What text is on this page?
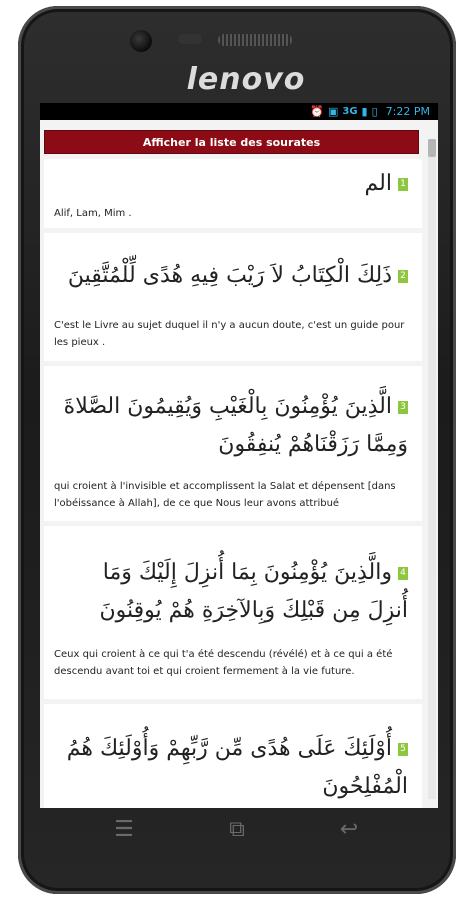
lenovo
⏰ ▣ 3G ▮ ▯ 7:22 PM
Afficher la liste des sourates
1الم
Alif, Lam, Mim .
2ذَلِكَ الْكِتَابُ لاَ رَيْبَ فِيهِ هُدًى لِّلْمُتَّقِينَ
C'est le Livre au sujet duquel il n'y a aucun doute, c'est un guide pour les pieux .
3الَّذِينَ يُؤْمِنُونَ بِالْغَيْبِ وَيُقِيمُونَ الصَّلاةَ وَمِمَّا رَزَقْنَاهُمْ يُنفِقُونَ
qui croient à l'invisible et accomplissent la Salat et dépensent [dans l'obéissance à Allah], de ce que Nous leur avons attribué
4والَّذِينَ يُؤْمِنُونَ بِمَا أُنزِلَ إِلَيْكَ وَمَا أُنزِلَ مِن قَبْلِكَ وَبِالآخِرَةِ هُمْ يُوقِنُونَ
Ceux qui croient à ce qui t'a été descendu (révélé) et à ce qui a été descendu avant toi et qui croient fermement à la vie future.
5أُوْلَئِكَ عَلَى هُدًى مِّن رَّبِّهِمْ وَأُوْلَئِكَ هُمُ الْمُفْلِحُونَ
☰	⧉	↩
